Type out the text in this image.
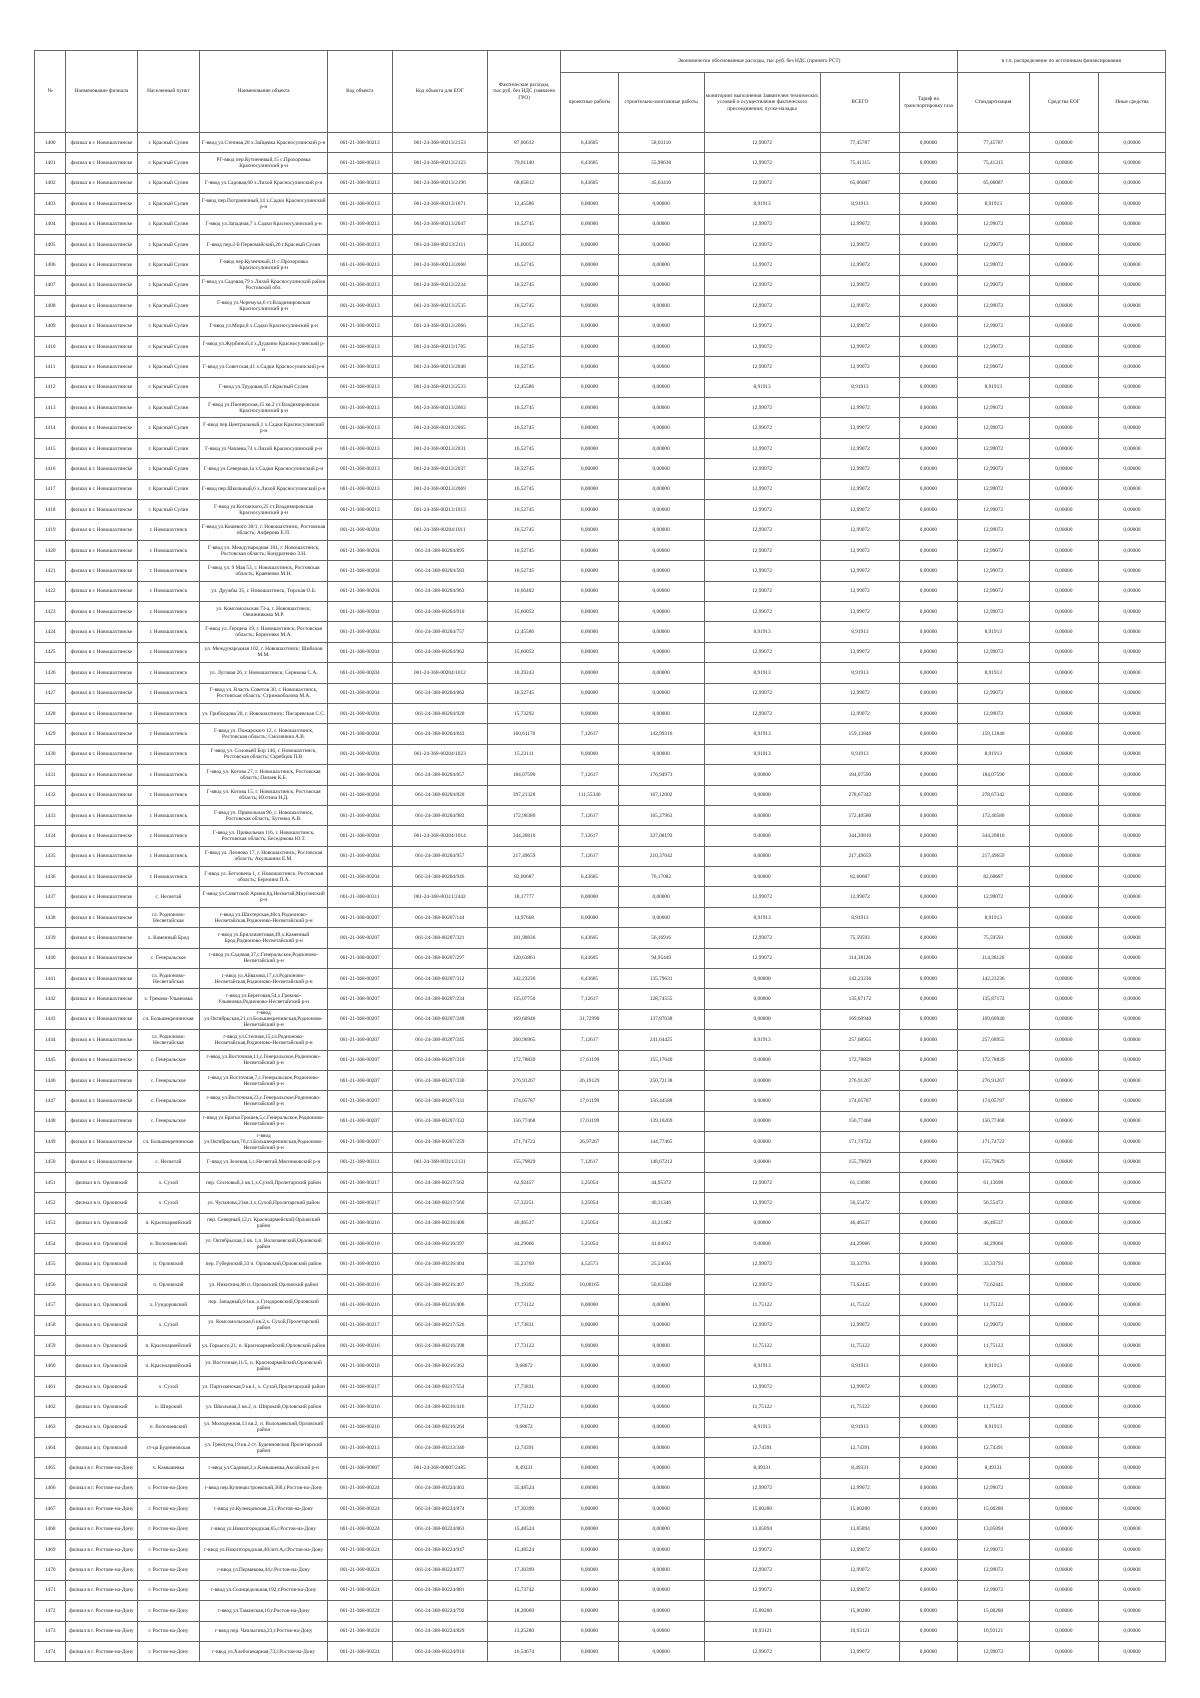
№	Наименование филиала	Населенный пункт	Наименование объекта	Код объекта	Код объекта для ЕОГ	Фактические расходы, тыс.руб. без НДС (заявлено ГРО)	Экономически обоснованные расходы, тыс.руб. без НДС (принято РСТ)					в т.ч. распределение по источникам финансирования		
							проектные работы	строительно-монтажные работы	мониторинг выполнения Заявителем технических условий и осуществление фактического присоединения; пуско-наладка	ВСЕГО	Тариф на транспортировку газа	Стандартизация	Средства ЕОГ	Иные средства
1400	филиал в г. Новошахтинске	г. Красный Сулин	Г-ввод ул.Степная,28 х.Зайцевка Красносулинский р-н	061-21-368-00213	061-24-368-00213/2153	87,06612	6,43605	58,03110	12,99072	77,45787	0,00000	77,45787	0,00000	0,00000
1401	филиал в г. Новошахтинске	г. Красный Сулин	РГ-ввод пер.Кутиеневый,15 с.Прохоровка Красносулинский р-н	061-21-368-00213	061-24-368-00213/2123	79,01140	6,43605	55,98638	12,99072	75,41315	0,00000	75,41315	0,00000	0,00000
1402	филиал в г. Новошахтинске	г. Красный Сулин	Г-ввод ул.Садовая,60 х.Лихой Красносулинский р-н	061-21-368-00213	061-24-368-00213/2196	68,65812	6,43605	45,63410	12,99072	65,06087	0,00000	65,06087	0,00000	0,00000
1403	филиал в г. Новошахтинске	г. Красный Сулин	Г-ввод пер.Пограничный,14 х.Садки Красносулинский р-н	061-21-368-00213	061-24-368-00213/1671	12,45586	0,00000	0,00000	8,91913	8,91913	0,00000	8,91913	0,00000	0,00000
1404	филиал в г. Новошахтинске	г. Красный Сулин	Г-ввод ул.Западная,7 х.Садки Красносулинский р-н	061-21-368-00213	061-24-368-00213/2047	16,52745	0,00000	0,00000	12,99072	12,99072	0,00000	12,99072	0,00000	0,00000
1405	филиал в г. Новошахтинске	г. Красный Сулин	Г-ввод пер.2-й Первомайский,26 г.Красный Сулин	061-21-368-00213	061-24-368-00213/2111	15,60052	0,00000	0,00000	12,99072	12,99072	0,00000	12,99072	0,00000	0,00000
1406	филиал в г. Новошахтинске	г. Красный Сулин	Г-ввод пер.Кузнечный,11 с.Прохоровка Красносулинский р-н	061-21-368-00213	061-24-368-00213/2068	16,52745	0,00000	0,00000	12,99072	12,99072	0,00000	12,99072	0,00000	0,00000
1407	филиал в г. Новошахтинске	г. Красный Сулин	Г-ввод ул.Садовая,79 х.Лихой Красносулинский район Ростовской обл.	061-21-368-00213	061-24-368-00213/2234	16,52745	0,00000	0,00000	12,99072	12,99072	0,00000	12,99072	0,00000	0,00000
1408	филиал в г. Новошахтинске	г. Красный Сулин	Г-ввод ул.Черемуха,6 ст.Владимировская Красносулинский р-н	061-21-368-00213	061-24-368-00213/2535	16,52745	0,00000	0,00000	12,99072	12,99072	0,00000	12,99072	0,00000	0,00000
1409	филиал в г. Новошахтинске	г. Красный Сулин	Г-ввод ул.Мира,8 х.Садки Красносулинский р-н	061-21-368-00213	061-24-368-00213/2066	16,52745	0,00000	0,00000	12,99072	12,99072	0,00000	12,99072	0,00000	0,00000
1410	филиал в г. Новошахтинске	г. Красный Сулин	Г-ввод ул.Журбиной,4 х.Дудкино Красносулинский р-н	061-21-368-00213	061-24-368-00213/1705	16,52745	0,00000	0,00000	12,99072	12,99072	0,00000	12,99072	0,00000	0,00000
1411	филиал в г. Новошахтинске	г. Красный Сулин	Г-ввод ул.Советская,41 х.Садки Красносулинский р-н	061-21-368-00213	061-24-368-00213/2048	16,52745	0,00000	0,00000	12,99072	12,99072	0,00000	12,99072	0,00000	0,00000
1412	филиал в г. Новошахтинске	г. Красный Сулин	Г-ввод ул.Трудовая,45 г.Красный Сулин	061-21-368-00213	061-24-368-00213/2533	12,45586	0,00000	0,00000	8,91913	8,91913	0,00000	8,91913	0,00000	0,00000
1413	филиал в г. Новошахтинске	г. Красный Сулин	Г-ввод ул.Пионерская,15 кв.2 ст.Владимировская Красносулинский р-н	061-21-368-00213	061-24-368-00213/2063	16,52745	0,00000	0,00000	12,99072	12,99072	0,00000	12,99072	0,00000	0,00000
1414	филиал в г. Новошахтинске	г. Красный Сулин	Г-ввод пер.Центральный,1 х.Садки Красносулинский р-н	061-21-368-00213	061-24-368-00213/2065	16,52745	0,00000	0,00000	12,99072	12,99072	0,00000	12,99072	0,00000	0,00000
1415	филиал в г. Новошахтинске	г. Красный Сулин	Г-ввод ул.Чапаева,74 х.Лихой Красносулинский р-н	061-21-368-00213	061-24-368-00213/2031	16,52745	0,00000	0,00000	12,99072	12,99072	0,00000	12,99072	0,00000	0,00000
1416	филиал в г. Новошахтинске	г. Красный Сулин	Г-ввод ул.Северная,1а х.Садки Красносулинский р-н	061-21-368-00213	061-24-368-00213/2037	16,52745	0,00000	0,00000	12,99072	12,99072	0,00000	12,99072	0,00000	0,00000
1417	филиал в г. Новошахтинске	г. Красный Сулин	Г-ввод пер.Школьный,6 х.Лихой Красносулинский р-н	061-21-368-00213	061-24-368-00213/2069	16,52745	0,00000	0,00000	12,99072	12,99072	0,00000	12,99072	0,00000	0,00000
1418	филиал в г. Новошахтинске	г. Красный Сулин	Г-ввод ул.Котовского,25 ст.Владимировская Красносулинский р-н	061-21-368-00213	061-24-368-00213/1913	16,52745	0,00000	0,00000	12,99072	12,99072	0,00000	12,99072	0,00000	0,00000
1419	филиал в г. Новошахтинске	г. Новошахтинск	Г-ввод ул.Кошевого 30/1, г. Новошахтинск, Ростовская область; Алферова Е.П.	061-21-368-00204	061-24-368-00204/1011	16,52745	0,00000	0,00000	12,99072	12,99072	0,00000	12,99072	0,00000	0,00000
1420	филиал в г. Новошахтинске	г. Новошахтинск	Г-ввод ул. Международная 101, г. Новошахтинск, Ростовская область; Кондратенко З.Н.	061-21-368-00204	061-24-368-00204/895	16,52745	0,00000	0,00000	12,99072	12,99072	0,00000	12,99072	0,00000	0,00000
1421	филиал в г. Новошахтинске	г. Новошахтинск	Г-ввод ул. 9 Мая 53, г. Новошахтинск, Ростовская область; Кравченко М.Н.	061-21-368-00204	061-24-368-00204/583	16,52745	0,00000	0,00000	12,99072	12,99072	0,00000	12,99072	0,00000	0,00000
1422	филиал в г. Новошахтинске	г. Новошахтинск	ул. Дружбы 35, г. Новошахтинск, Тирская О.Б.	061-21-368-00204	061-24-368-00204/963	16,66402	0,00000	0,00000	12,99072	12,99072	0,00000	12,99072	0,00000	0,00000
1423	филиал в г. Новошахтинске	г. Новошахтинск	ул. Комсомольская 73-а, г. Новошахтинск; Овчинникова М.Р.	061-21-368-00204	061-24-368-00204/910	15,60052	0,00000	0,00000	12,99072	12,99072	0,00000	12,99072	0,00000	0,00000
1424	филиал в г. Новошахтинске	г. Новошахтинск	Г-ввод ул. Герцена 19, г. Новошахтинск; Ростовская область; Борисенко М.А.	061-21-368-00204	061-24-368-00204/757	12,45586	0,00000	0,00000	8,91913	8,91913	0,00000	8,91913	0,00000	0,00000
1425	филиал в г. Новошахтинске	г. Новошахтинск	ул. Международная 102, г. Новошахтинск; Шибалов М.М.	061-21-368-00204	061-24-368-00204/962	15,60052	0,00000	0,00000	12,99072	12,99072	0,00000	12,99072	0,00000	0,00000
1426	филиал в г. Новошахтинске	г. Новошахтинск	ул. Луговая 26, г. Новошахтинск; Серикова С.А.	061-21-368-00204	061-24-368-00204/1012	10,39243	0,00000	0,00000	8,91913	8,91913	0,00000	8,91913	0,00000	0,00000
1427	филиал в г. Новошахтинске	г. Новошахтинск	Г-ввод ул. Власть Советов 30, г. Новошахтинск, Ростовская область; Стрижкобалова М.А.	061-21-368-00204	061-24-368-00204/862	16,52745	0,00000	0,00000	12,99072	12,99072	0,00000	12,99072	0,00000	0,00000
1428	филиал в г. Новошахтинске	г. Новошахтинск	ул. Грибоедова 20, г. Новошахтинск; Писаревская С.С.	061-21-368-00204	061-24-368-00204/920	15,73292	0,00000	0,00000	12,99072	12,99072	0,00000	12,99072	0,00000	0,00000
1429	филиал в г. Новошахтинске	г. Новошахтинск	Г-ввод ул. Пожарского 12, г. Новошахтинск, Ростовская область; Смолянина А.В.	061-21-368-00204	061-24-368-00204/843	160,61176	7,12617	142,99316	8,91913	159,13846	0,00000	159,13846	0,00000	0,00000
1430	филиал в г. Новошахтинске	г. Новошахтинск	Г-ввод ул. Соловьёй Бор 146, г. Новошахтинск, Ростовская область; Скребцов П.В.	061-21-368-00204	061-24-368-00204/1023	15,23111	0,00000	0,00000	8,91913	8,91913	0,00000	8,91913	0,00000	0,00000
1431	филиал в г. Новошахтинске	г. Новошахтинск	Г-ввод ул. Котова 27, г. Новошахтинск, Ростовская область; Папаев К.Б.	061-21-368-00204	061-24-368-00204/857	184,07590	7,12617	176,94973	0,00000	184,07590	0,00000	184,07590	0,00000	0,00000
1432	филиал в г. Новошахтинске	г. Новошахтинск	Г-ввод ул. Котова 15, г. Новошахтинск, Ростовская область; Юхтина Н.Д.	061-21-368-00204	061-24-368-00204/820	397,21328	111,55340	167,12002	0,00000	278,67342	0,00000	278,67342	0,00000	0,00000
1433	филиал в г. Новошахтинске	г. Новошахтинск	Г-ввод ул. Привольная 96, г. Новошахтинск, Ростовская область; Бутенко А.В.	061-21-368-00204	061-24-368-00204/983	172,90380	7,12617	165,27963	0,00000	172,40580	0,00000	172,40580	0,00000	0,00000
1434	филиал в г. Новошахтинске	г. Новошахтинск	Г-ввод ул. Привольная 116, г. Новошахтинск, Ростовская область; Беседикова Ю.Т.	061-21-368-00204	061-24-368-00204/1014	344,20810	7,12617	337,08193	0,00000	344,20810	0,00000	344,20810	0,00000	0,00000
1435	филиал в г. Новошахтинске	г. Новошахтинск	Г-ввод ул. Леонова 17, г. Новошахтинск, Ростовская область; Акульшина Е.М.	061-21-368-00204	061-24-368-00204/957	217,49659	7,12617	210,37042	0,00000	217,49659	0,00000	217,49659	0,00000	0,00000
1436	филиал в г. Новошахтинске	г. Новошахтинск	Г-ввод ул. Бетховена 1, г. Новошахтинск, Ростовская область; Березина П.А.	061-21-368-00204	061-24-368-00204/946	82,60687	6,43605	76,17082	0,00000	82,60687	0,00000	82,60687	0,00000	0,00000
1437	филиал в г. Новошахтинске	с. Несветай	Г-ввод ул.Советской Армии,8д,Несветай,Миусинский р-н	061-21-368-00311	061-24-368-00311/2442	18,17777	0,00000	0,00000	12,99072	12,99072	0,00000	12,99072	0,00000	0,00000
1438	филиал в г. Новошахтинске	сл. Родионово-Несветайская	г-ввод ул.Шахтерская,40сл.Родионово-Несветайская,Родионово-Несветайский р-н	061-21-368-00207	061-24-368-00207/144	14,97668	0,00000	0,00000	8,91913	8,91913	0,00000	8,91913	0,00000	0,00000
1439	филиал в г. Новошахтинске	х. Каменный Брод	г-ввод ул.Бриллиантовая,49,х.Каменный Брод,Родионово-Несветайский р-н	061-21-368-00207	061-24-368-00207/321	101,90836	6,43605	56,16916	12,99072	75,59593	0,00000	75,59593	0,00000	0,00000
1440	филиал в г. Новошахтинске	с. Генеральское	г-ввод ул.Садовая,37,с.Генеральское,Родионово-Несветайский р-н	061-21-368-00207	061-24-368-00207/297	120,63861	6,43605	94,95449	12,99072	114,38126	0,00000	114,38126	0,00000	0,00000
1441	филиал в г. Новошахтинске	сл. Родионово-Несветайская	г-ввод ул.Айвазова,17,сл.Родионово-Несветайская,Родионово-Несветайский р-н	061-21-368-00207	061-24-368-00207/312	142,23236	6,43605	135,79631	0,00000	142,23236	0,00000	142,23236	0,00000	0,00000
1442	филиал в г. Новошахтинске	х. Греково-Ульяновка	г-ввод ул.Береговая,54,х.Греково-Ульяновка,Родионово-Несветайский р-н	061-21-368-00207	061-24-368-00207/234	135,07750	7,12617	128,74555	0,00000	135,87172	0,00000	135,87172	0,00000	0,00000
1443	филиал в г. Новошахтинске	сл. Большекрепинская	г-ввод ул.Октябрьская,21,сл.Большекрепинская,Родионово-Несветайский р-н	061-21-368-00207	061-24-368-00207/248	169,60940	31,72990	137,87038	0,00000	169,60940	0,00000	169,60940	0,00000	0,00000
1444	филиал в г. Новошахтинске	сл. Родионово-Несветайская	г-ввод ул.Степная,15,сл.Родионово-Несветайская,Родионово-Несветайский р-н	061-21-368-00207	061-24-368-00207/245	260,96965	7,12617	241,64425	8,91913	257,68955	0,00000	257,68955	0,00000	0,00000
1445	филиал в г. Новошахтинске	с. Генеральское	г-ввод ул.Восточная,11,с.Генеральское,Родионово-Несветайский р-н	061-21-368-00207	061-24-368-00207/310	172,78839	17,61199	155,17640	0,00000	172,78839	0,00000	172,78839	0,00000	0,00000
1446	филиал в г. Новошахтинске	с. Генеральское	г-ввод ул.Восточная,7,с.Генеральское,Родионово-Несветайский р-н	061-21-368-00207	061-24-368-00207/330	276,91267	26,19129	250,72138	0,00000	276,91267	0,00000	276,91267	0,00000	0,00000
1447	филиал в г. Новошахтинске	с. Генеральское	г-ввод ул.Восточная,23,с.Генеральское,Родионово-Несветайский р-н	061-21-368-00207	061-24-368-00207/331	174,05787	17,61199	156,44588	0,00000	174,05787	0,00000	174,05787	0,00000	0,00000
1448	филиал в г. Новошахтинске	с. Генеральское	г-ввод ул.Братья Грошев,5,с.Генеральское,Родионово-Несветайский р-н	061-21-368-00207	061-24-368-00207/332	156,77468	17,61199	139,16269	0,00000	156,77468	0,00000	156,77468	0,00000	0,00000
1449	филиал в г. Новошахтинске	сл. Большекрепинская	г-ввод ул.Октябрьская,70,сл.Большекрепинская,Родионово-Несветайский р-н	061-21-368-00207	061-24-368-00207/259	171,74722	26,97267	144,77465	0,00000	171,74722	0,00000	171,74722	0,00000	0,00000
1450	филиал в г. Новошахтинске	с. Несветай	Г-ввод ул.Зеленая,1,с.Несветай,Мясниковский р-н	061-21-368-00311	061-24-368-00311/2131	155,79829	7,12617	148,67212	0,00000	155,79829	0,00000	155,79829	0,00000	0,00000
1451	филиал в п. Орловский	х. Сухой	пер. Сосновый,3 кв.1,х.Сухой,Пролетарский район	061-21-368-00217	061-24-368-00217/562	62,92457	3,25054	44,95372	12,99072	61,13698	0,00000	61,13698	0,00000	0,00000
1452	филиал в п. Орловский	х. Сухой	ул. Чупанова,21кв.1,х.Сухой,Пролетарский район	061-21-368-00217	061-24-368-00217/560	57,32251	3,25054	40,31346	12,99072	56,55472	0,00000	56,55472	0,00000	0,00000
1453	филиал в п. Орловский	п. Красноармейский	пер. Северный,12,п. Красноармейский,Орловский район	061-21-368-00216	061-24-368-00216/400	46,46537	3,25054	43,21483	0,00000	46,46537	0,00000	46,46537	0,00000	0,00000
1454	филиал в п. Орловский	п. Волочаевский	ул. Октябрьская,3 кв. 1,п. Волочаевский,Орловский район	061-21-368-00216	061-24-368-00216/397	44,29066	3,25054	41,04012	0,00000	44,29066	0,00000	44,29066	0,00000	0,00000
1455	филиал в п. Орловский	п. Орловский	пер. Губернский,33 п. Орловский,Орловский район	061-21-368-00216	061-24-368-00216/404	35,23769	4,52573	25,54036	12,99072	33,33793	0,00000	33,33793	0,00000	0,00000
1456	филиал в п. Орловский	п. Орловский	ул. Никитина,88 п. Орловский,Орловский район	061-21-368-00216	061-24-368-00216/407	79,19392	10,00165	50,63208	12,99072	73,62445	0,00000	73,62445	0,00000	0,00000
1457	филиал в п. Орловский	х. Гундоровский	пер. Западный,6/1кв.,х.Гундоровский,Орловский район	061-21-368-00216	061-24-368-00216/406	17,73122	0,00000	0,00000	11,75122	11,75122	0,00000	11,75122	0,00000	0,00000
1458	филиал в п. Орловский	х. Сухой	ул. Комсомольская,6 кв.2,х. Сухой,Пролетарский район	061-21-368-00217	061-24-368-00217/526	17,73831	0,00000	0,00000	12,99072	12,99072	0,00000	12,99072	0,00000	0,00000
1459	филиал в п. Орловский	п. Красноармейский	ул. Горького,21, п. Красноармейский,Орловский район	061-21-368-00216	061-24-368-00216/398	17,73122	0,00000	0,00000	11,75122	11,75122	0,00000	11,75122	0,00000	0,00000
1460	филиал в п. Орловский	п. Красноармейский	ул. Восточная,11/5, п. Красноармейский,Орловский район	061-21-368-00216	061-24-368-00216/362	9,68672	0,00000	0,00000	8,91913	8,91913	0,00000	8,91913	0,00000	0,00000
1461	филиал в п. Орловский	х. Сухой	ул. Партизанская,9 кв.1, х. Сухой,Пролетарский район	061-21-368-00217	061-24-368-00217/554	17,73831	0,00000	0,00000	12,99072	12,99072	0,00000	12,99072	0,00000	0,00000
1462	филиал в п. Орловский	п. Широкий	ул. Школьная,3 кв.2, п. Широкий,Орловский район	061-21-368-00216	061-24-368-00216/416	17,73122	0,00000	0,00000	11,75122	11,75122	0,00000	11,75122	0,00000	0,00000
1463	филиал в п. Орловский	п. Волочаевский	ул. Молодежная,13 кв.2, п. Волочаевский,Орловский район	061-21-368-00216	061-24-368-00216/264	9,68672	0,00000	0,00000	8,91913	8,91913	0,00000	8,91913	0,00000	0,00000
1464	филиал в п. Орловский	ст-ца Буденновская	ул. Грекчуна,19 кв.2 ст. Буденновская Пролетарский район	061-21-368-00213	061-24-368-00213/346	12,74391	0,00000	0,00000	12,74391	12,74391	0,00000	12,74391	0,00000	0,00000
1465	филиал в г. Ростове-на-Дону	х. Камышевка	г-ввод ул.Садовая,2,х.Камышевка,Аксайский р-н	061-21-368-00007	061-24-368-00007/2485	8,49331	0,00000	0,00000	8,49331	8,49331	0,00000	8,49331	0,00000	0,00000
1466	филиал в г. Ростове-на-Дону	г. Ростов-на-Дону	г-ввод пер.Кузнецкстроевский,36б,г.Ростов-на-Дону	061-21-368-00224	061-24-368-00224/463	35,48524	0,00000	0,00000	12,99072	12,99072	0,00000	12,99072	0,00000	0,00000
1467	филиал в г. Ростове-на-Дону	г. Ростов-на-Дону	г-ввод ул.Кузнецовская,23,г.Ростов-на-Дону	061-21-368-00224	061-24-368-00224/874	17,30399	0,00000	0,00000	15,00280	15,00280	0,00000	15,00280	0,00000	0,00000
1468	филиал в г. Ростове-на-Дону	г. Ростов-на-Дону	г-ввод ул.Никитгородская,65,г.Ростов-на-Дону	061-21-368-00224	061-24-368-00224/863	15,48524	0,00000	0,00000	13,05894	13,05894	0,00000	13,05894	0,00000	0,00000
1469	филиал в г. Ростове-на-Дону	г. Ростов-на-Дону	г-ввод ул.Никитгородская,40/лит.А,г.Ростов-на-Дону	061-21-368-00224	061-24-368-00224/947	15,48524	0,00000	0,00000	12,99072	12,99072	0,00000	12,99072	0,00000	0,00000
1470	филиал в г. Ростове-на-Дону	г. Ростов-на-Дону	г-ввод ул.Пермякова,44,г.Ростов-на-Дону	061-21-368-00224	061-24-368-00224/877	17,30399	0,00000	0,00000	12,99072	12,99072	0,00000	12,99072	0,00000	0,00000
1471	филиал в г. Ростове-на-Дону	г. Ростов-на-Дону	г-ввод ул.Солнцедольная,192,г.Ростов-на-Дону	061-21-368-00224	061-24-368-00224/881	15,73742	0,00000	0,00000	12,99072	12,99072	0,00000	12,99072	0,00000	0,00000
1472	филиал в г. Ростове-на-Дону	г. Ростов-на-Дону	г-ввод ул.Таманская,16,г.Ростов-на-Дону	061-21-368-00224	061-24-368-00224/792	18,28069	0,00000	0,00000	15,00280	15,00280	0,00000	15,00280	0,00000	0,00000
1473	филиал в г. Ростове-на-Дону	г. Ростов-на-Дону	г-ввод пер. Чаплыгина,23,г.Ростов-на-Дону	061-21-368-00224	061-24-368-00224/829	13,25280	0,00000	0,00000	10,93121	10,93121	0,00000	10,93121	0,00000	0,00000
1474	филиал в г. Ростове-на-Дону	г. Ростов-на-Дону	г-ввод ул.Хлебопекарная,73,г.Ростов-на-Дону	061-21-368-00224	061-24-368-00224/910	16,54674	0,00000	0,00000	12,99072	12,99072	0,00000	12,99072	0,00000	0,00000
